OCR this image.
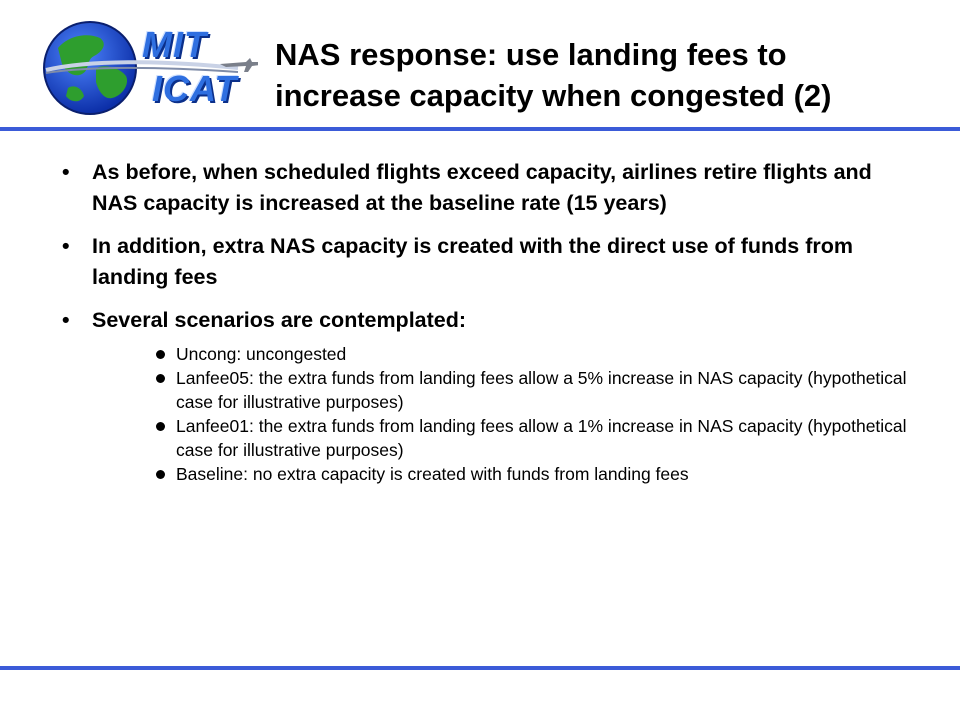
MIT
ICAT
NAS response: use landing fees to
increase capacity when congested (2)
• As before, when scheduled flights exceed capacity, airlines retire flights and NAS capacity is increased at the baseline rate (15 years)
• In addition, extra NAS capacity is created with the direct use of funds from landing fees
• Several scenarios are contemplated:
Uncong: uncongested
Lanfee05: the extra funds from landing fees allow a 5% increase in NAS capacity (hypothetical case for illustrative purposes)
Lanfee01: the extra funds from landing fees allow a 1% increase in NAS capacity (hypothetical case for illustrative purposes)
Baseline: no extra capacity is created with funds from landing fees
